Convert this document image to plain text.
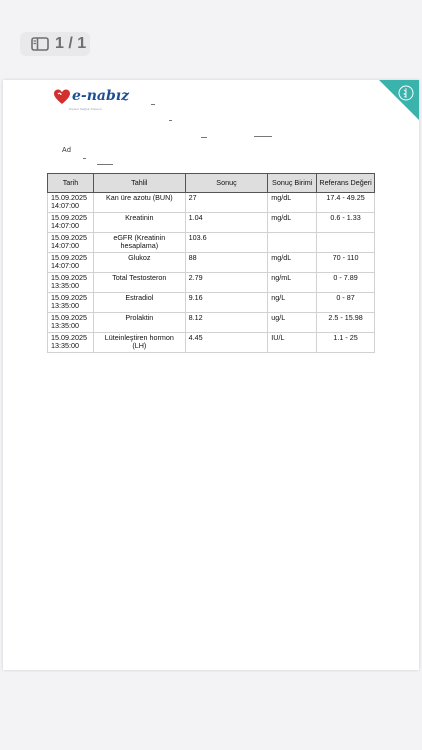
1 / 1
e-nabız
Kişisel Sağlık Sistemi
Ad
Tarih	Tahlil	Sonuç	Sonuç Birimi	Referans Değeri
15.09.2025 14:07:00	Kan üre azotu (BUN)	27	mg/dL	17.4 - 49.25
15.09.2025 14:07:00	Kreatinin	1.04	mg/dL	0.6 - 1.33
15.09.2025 14:07:00	eGFR (Kreatinin hesaplama)	103.6		
15.09.2025 14:07:00	Glukoz	88	mg/dL	70 - 110
15.09.2025 13:35:00	Total Testosteron	2.79	ng/mL	0 - 7.89
15.09.2025 13:35:00	Estradiol	9.16	ng/L	0 - 87
15.09.2025 13:35:00	Prolaktin	8.12	ug/L	2.5 - 15.98
15.09.2025 13:35:00	Lüteinleştiren hormon (LH)	4.45	IU/L	1.1 - 25
